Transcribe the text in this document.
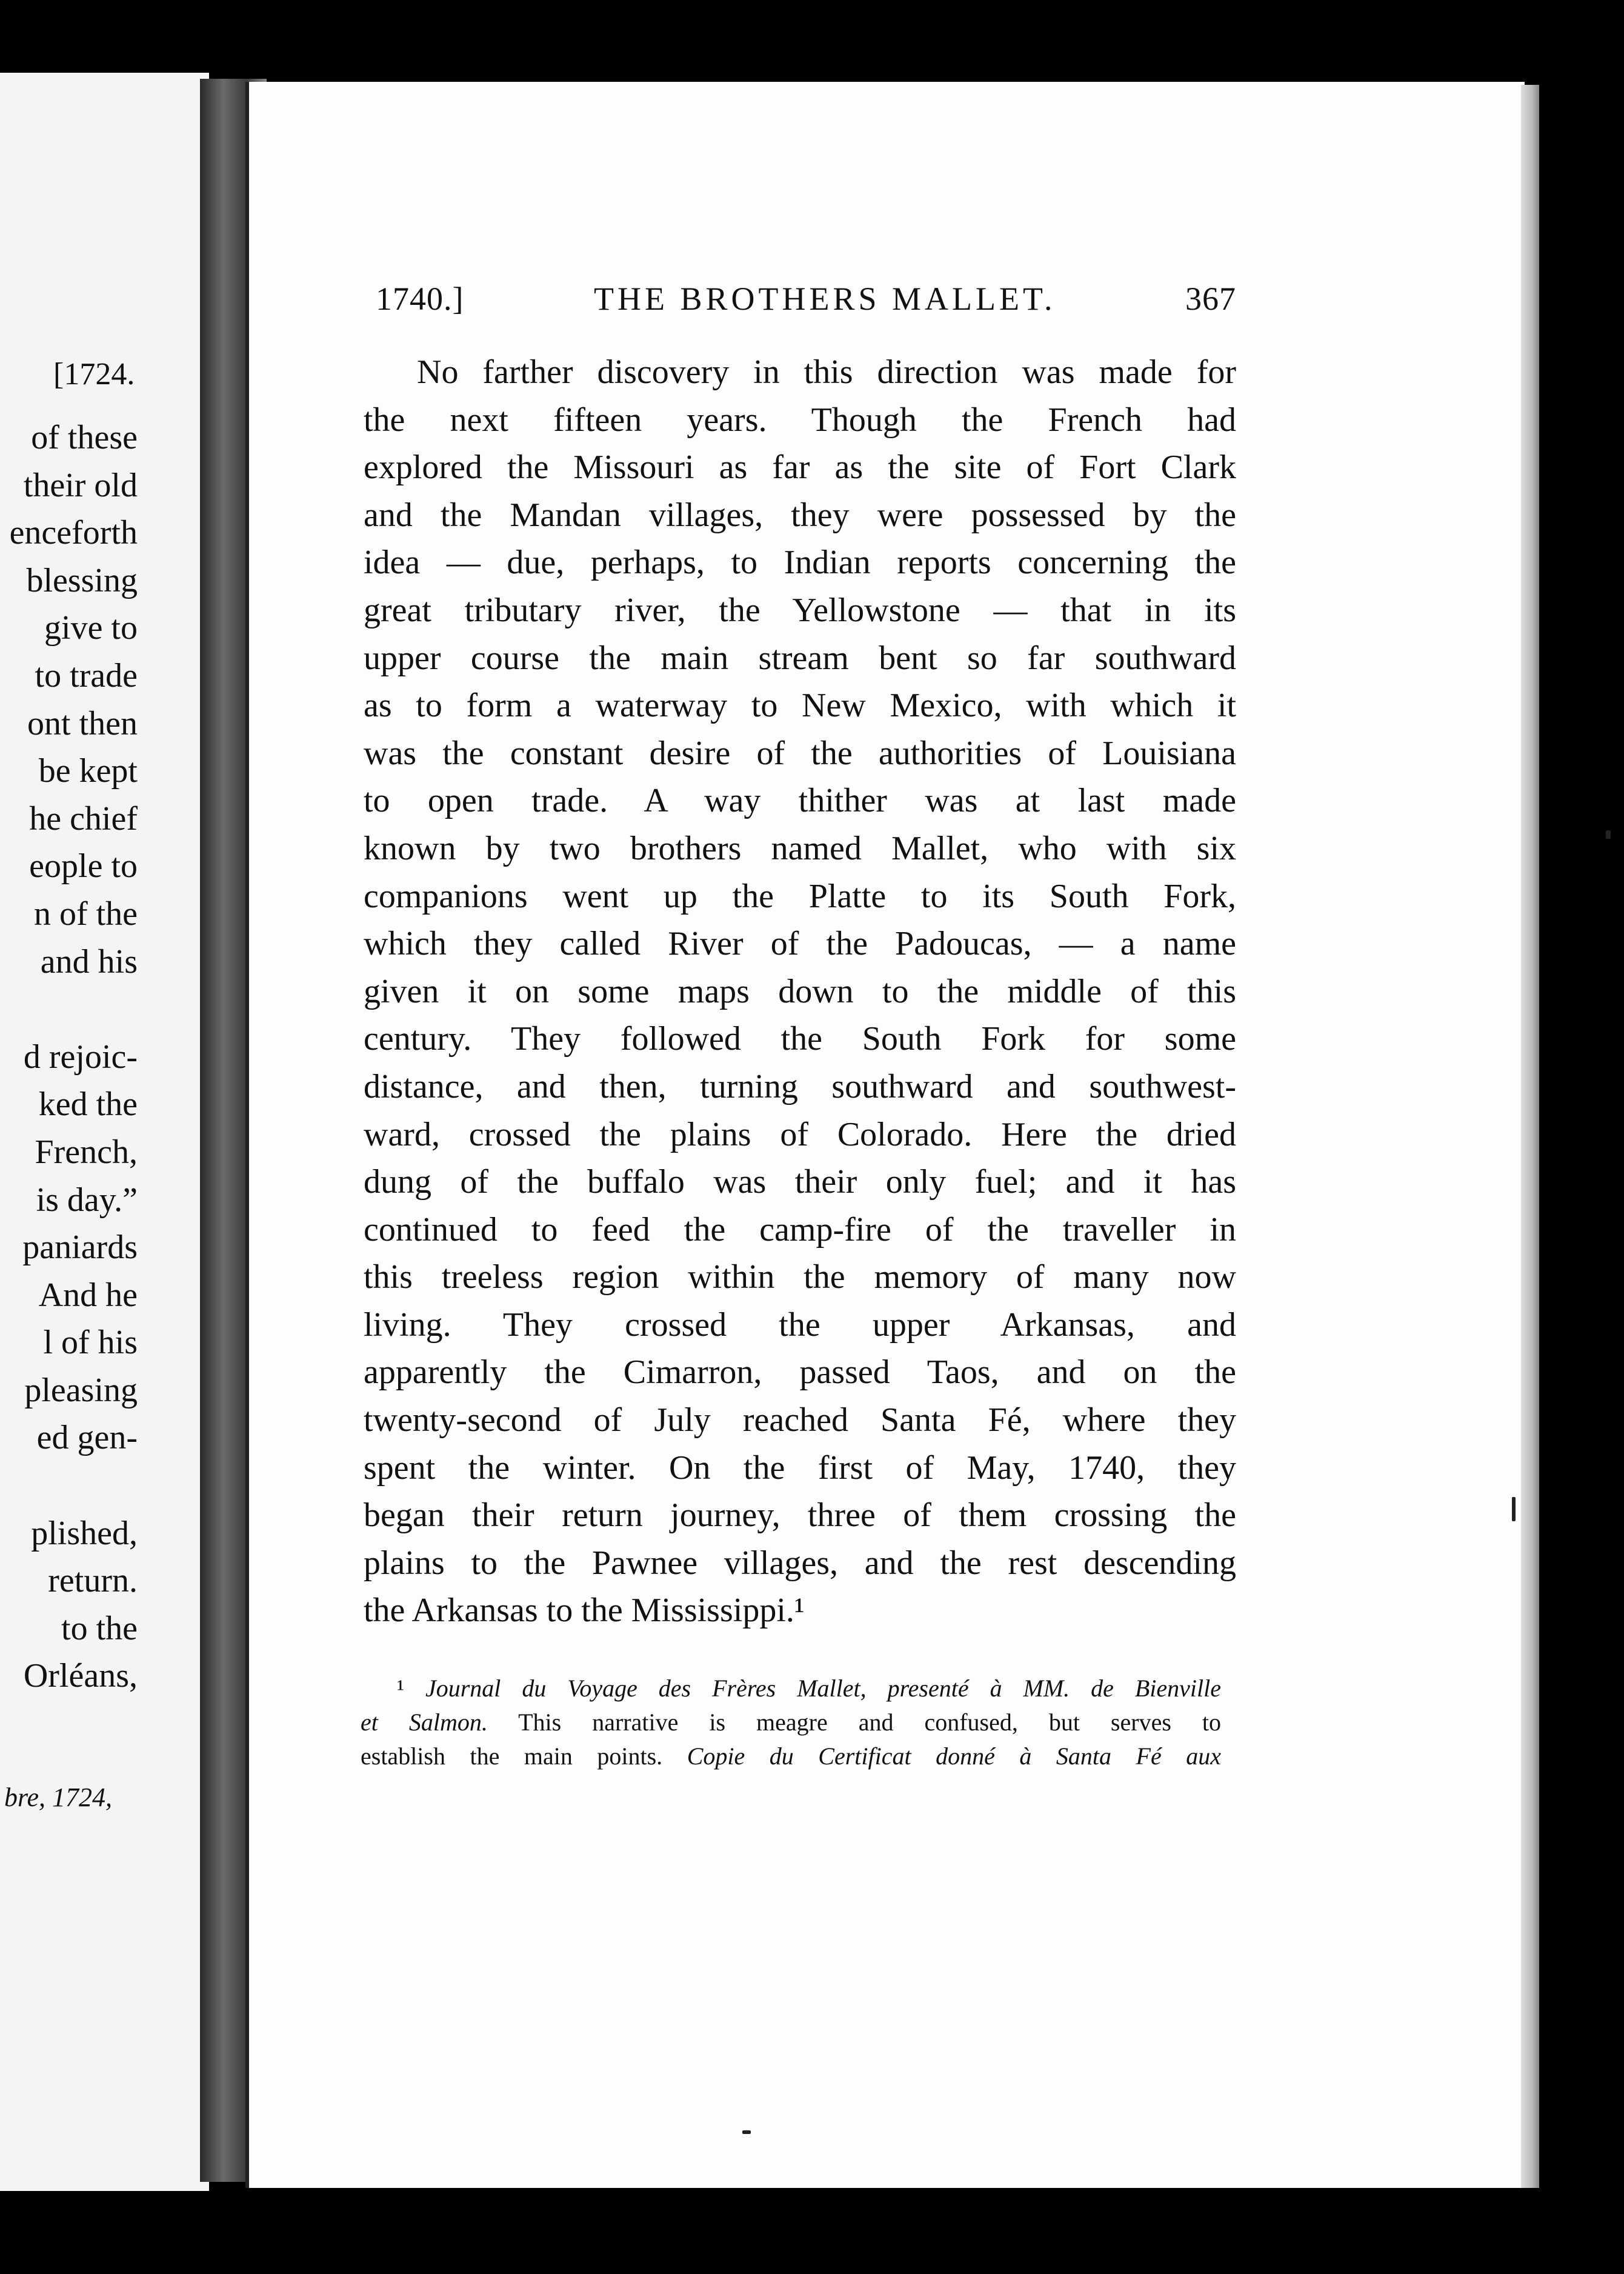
[1724.
of these
their old
enceforth
blessing
give to
to trade
ont then
be kept
he chief
eople to
n of the
and his
d rejoic-
ked the
French,
is day.”
paniards
And he
l of his
pleasing
ed gen-
plished,
return.
to the
Orléans,
bre, 1724,
1740.]	THE BROTHERS MALLET.	367
No farther discovery in this direction was made for
the next fifteen years. Though the French had
explored the Missouri as far as the site of Fort Clark
and the Mandan villages, they were possessed by the
idea — due, perhaps, to Indian reports concerning the
great tributary river, the Yellowstone — that in its
upper course the main stream bent so far southward
as to form a waterway to New Mexico, with which it
was the constant desire of the authorities of Louisiana
to open trade. A way thither was at last made
known by two brothers named Mallet, who with six
companions went up the Platte to its South Fork,
which they called River of the Padoucas, — a name
given it on some maps down to the middle of this
century. They followed the South Fork for some
distance, and then, turning southward and southwest-
ward, crossed the plains of Colorado. Here the dried
dung of the buffalo was their only fuel; and it has
continued to feed the camp-fire of the traveller in
this treeless region within the memory of many now
living. They crossed the upper Arkansas, and
apparently the Cimarron, passed Taos, and on the
twenty-second of July reached Santa Fé, where they
spent the winter. On the first of May, 1740, they
began their return journey, three of them crossing the
plains to the Pawnee villages, and the rest descending
the Arkansas to the Mississippi.¹
¹ Journal du Voyage des Frères Mallet, presenté à MM. de Bienville
et Salmon. This narrative is meagre and confused, but serves to
establish the main points. Copie du Certificat donné à Santa Fé aux
